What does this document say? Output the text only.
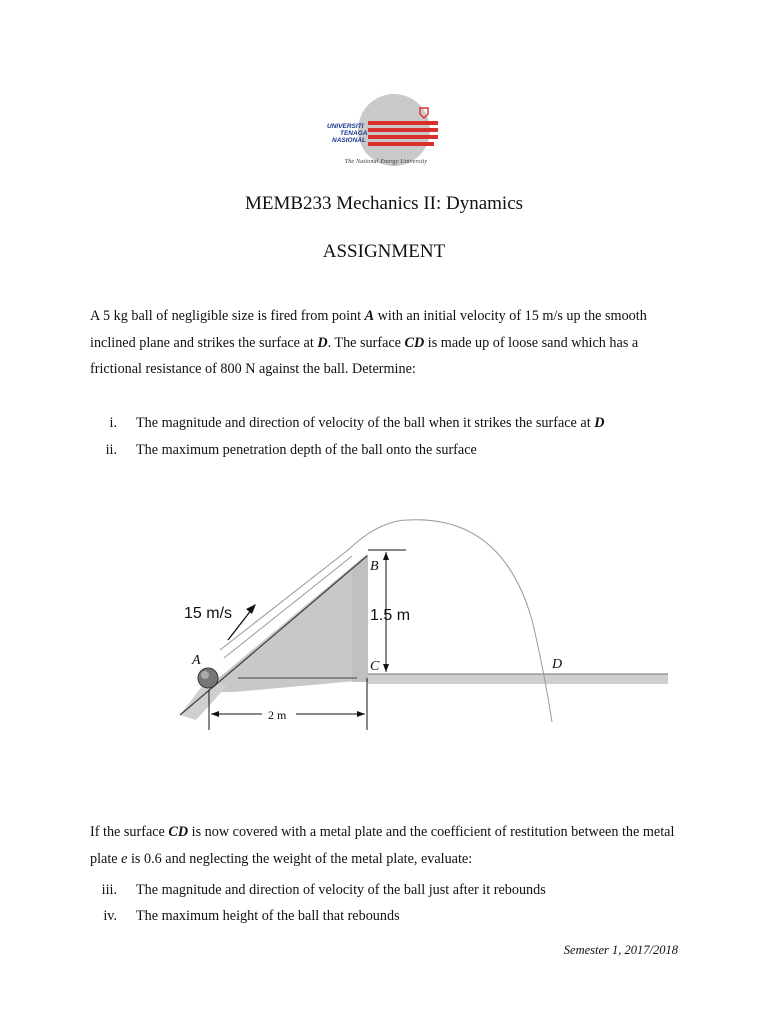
UNIVERSITI
TENAGA
NASIONAL
The National Energy University
MEMB233 Mechanics II: Dynamics
ASSIGNMENT
A 5 kg ball of negligible size is fired from point A with an initial velocity of 15 m/s up the smooth inclined plane and strikes the surface at D. The surface CD is made up of loose sand which has a frictional resistance of 800 N against the ball. Determine:
i. The magnitude and direction of velocity of the ball when it strikes the surface at D
ii. The maximum penetration depth of the ball onto the surface
15 m/s	1.5 m
2 m
A
B
C	D
If the surface CD is now covered with a metal plate and the coefficient of restitution between the metal plate e is 0.6 and neglecting the weight of the metal plate, evaluate:
iii. The magnitude and direction of velocity of the ball just after it rebounds
iv. The maximum height of the ball that rebounds
Semester 1, 2017/2018
